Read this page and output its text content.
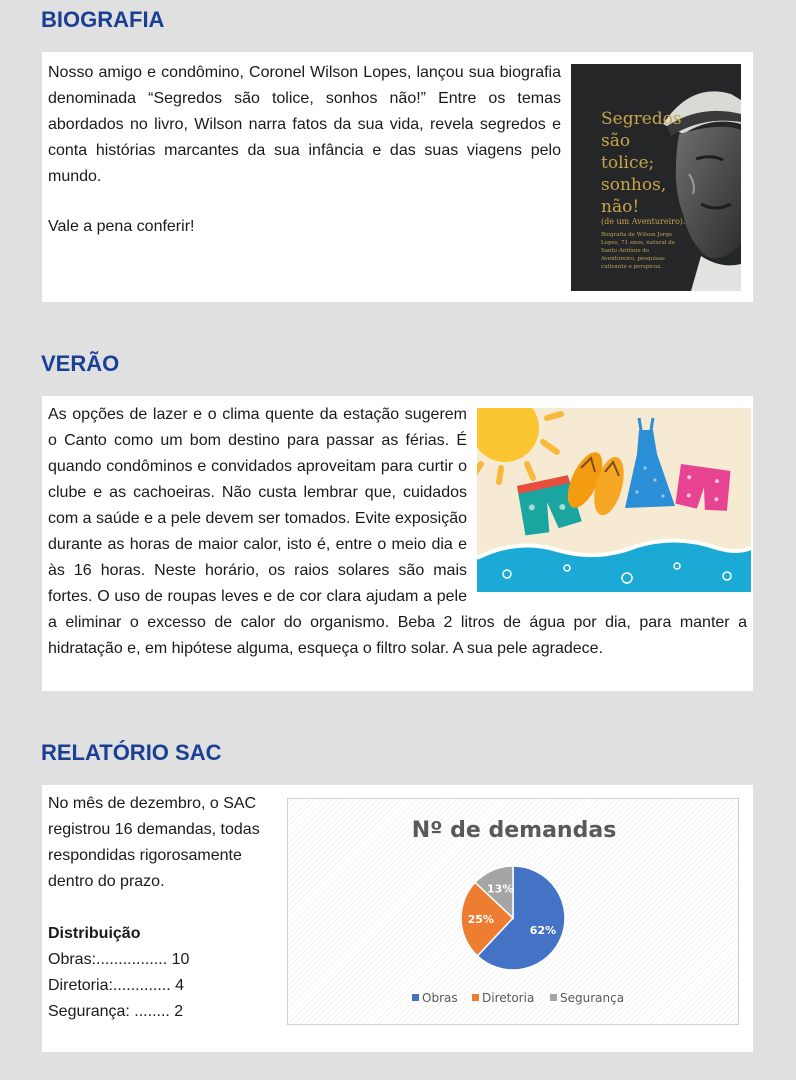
BIOGRAFIA

Nosso amigo e condômino, Coronel Wilson Lopes, lançou sua biografia denominada “Segredos são tolice, sonhos não!” Entre os temas abordados no livro, Wilson narra fatos da sua vida, revela segredos e conta histórias marcantes da sua infância e das suas viagens pelo mundo.

Vale a pena conferir!

Segredos
são
tolice;
sonhos,
não!
(de um Aventureiro).
Biografia de Wilson Jorge
Lopes, 71 anos, natural de
Santo Antônio do
Aventureiro, pesquisas
cativante e perspicaz.
VERÃO
As opções de lazer e o clima quente da estação sugerem o Canto como um bom destino para passar as férias. É quando condôminos e convidados aproveitam para curtir o clube e as cachoeiras. Não custa lembrar que, cuidados com a saúde e a pele devem ser tomados. Evite exposição durante as horas de maior calor, isto é, entre o meio dia e às 16 horas. Neste horário, os raios solares são mais fortes. O uso de roupas leves e de cor clara ajudam a pele a eliminar o excesso de calor do organismo. Beba 2 litros de água por dia, para manter a hidratação e, em hipótese alguma, esqueça o filtro solar. A sua pele agradece.
RELATÓRIO SAC

No mês de dezembro, o SAC registrou 16 demandas, todas respondidas rigorosamente dentro do prazo.

Distribuição

Obras:................ 10
Diretoria:............. 4
Segurança: ........ 2
Nº de demandas
62%
25%
13%
Obras Diretoria Segurança
